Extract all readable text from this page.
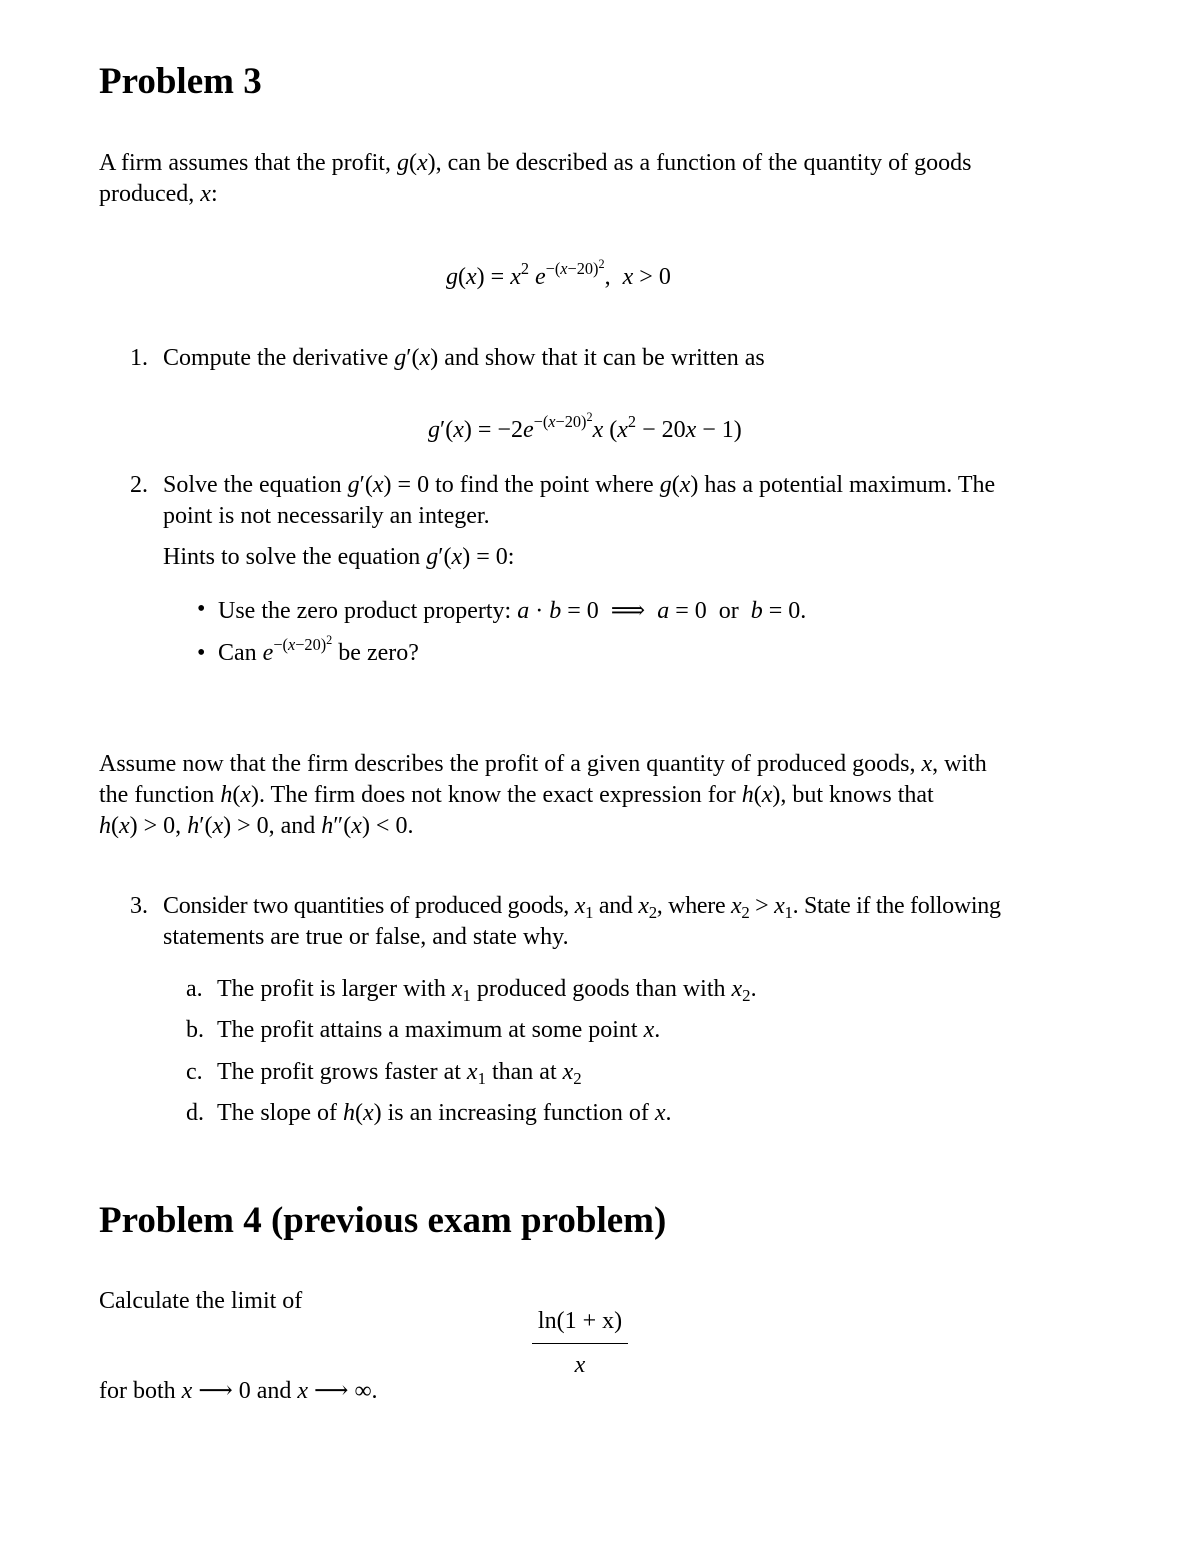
Problem 3
A firm assumes that the profit, g(x), can be described as a function of the quantity of goods
produced, x:
$g(x) = x^2$ $e^{-(x-20)^2}$,  x > 0
1. Compute the derivative g′(x) and show that it can be written as
$g'(x) = -2e^{-(x-20)^2}x$ $(x^2 - 20x - 1)$
2. Solve the equation g′(x) = 0 to find the point where g(x) has a potential maximum. The
point is not necessarily an integer.
Hints to solve the equation g′(x) = 0:
• Use the zero product property: a · b = 0  ⟹  a = 0  or  b = 0.
• Can $e^{-(x-20)^2}$ be zero?
Assume now that the firm describes the profit of a given quantity of produced goods, x, with
the function h(x). The firm does not know the exact expression for h(x), but knows that
h(x) > 0, h′(x) > 0, and h″(x) < 0.
3. Consider two quantities of produced goods, $x_1$ and $x_2$, where $x_2 > x_1$. State if the following
statements are true or false, and state why.
a. The profit is larger with $x_1$ produced goods than with $x_2$.
b. The profit attains a maximum at some point x.
c. The profit grows faster at $x_1$ than at $x_2$
d. The slope of h(x) is an increasing function of x.
Problem 4 (previous exam problem)
Calculate the limit of
ln(1 + x)
x
for both x ⟶ 0 and x ⟶ ∞.
